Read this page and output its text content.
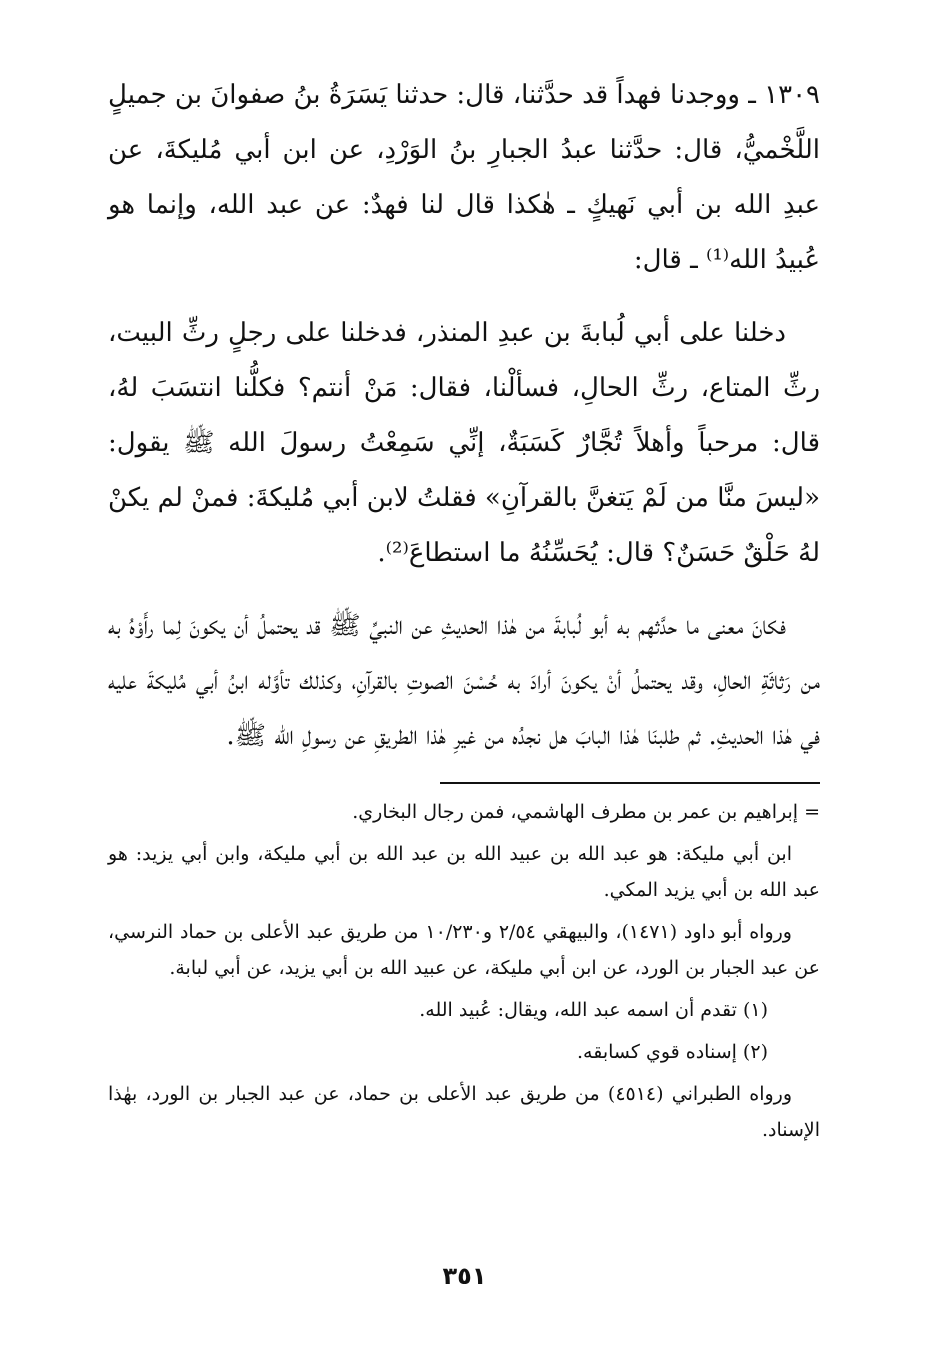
١٣٠٩ ـ ووجدنا فهداً قد حدَّثنا، قال: حدثنا يَسَرَةُ بنُ صفوانَ بن جميلٍ اللَّخْميُّ، قال: حدَّثنا عبدُ الجبارِ بنُ الوَرْدِ، عن ابن أبي مُليكةَ، عن عبدِ الله بن أبي نَهيكٍ ـ هٰكذا قال لنا فهدٌ: عن عبد الله، وإنما هو عُبيدُ الله⁽¹⁾ ـ قال:

دخلنا على أبي لُبابةَ بن عبدِ المنذر، فدخلنا على رجلٍ رثِّ البيت، رثِّ المتاع، رثِّ الحالِ، فسألْنا، فقال: مَنْ أنتم؟ فكلُّنا انتسَبَ لهُ، قال: مرحباً وأهلاً تُجَّارٌ كَسَبَةٌ، إنِّي سَمِعْتُ رسولَ الله ﷺ يقول: «ليسَ منَّا من لَمْ يَتغنَّ بالقرآنِ» فقلتُ لابن أبي مُليكةَ: فمنْ لم يكنْ لهُ حَلْقٌ حَسَنٌ؟ قال: يُحَسِّنُهُ ما استطاعَ⁽²⁾.

فكانَ معنى ما حدَّثهم به أبو لُبابةَ من هٰذا الحديثِ عن النبيِّ ﷺ قد يحتملُ أن يكونَ لِما رأَوْهُ به من رَثاثَةِ الحالِ، وقد يحتملُ أنْ يكونَ أرادَ به حُسْنَ الصوتِ بالقرآنِ، وكذلك تأوَّله ابنُ أبي مُليكةَ عليه في هٰذا الحديثِ. ثم طلبنَا هٰذا البابَ هل نجدُه من غيرِ هٰذا الطريقِ عن رسولِ الله ﷺ.

= إبراهيم بن عمر بن مطرف الهاشمي، فمن رجال البخاري.

ابن أبي مليكة: هو عبد الله بن عبيد الله بن عبد الله بن أبي مليكة، وابن أبي يزيد: هو عبد الله بن أبي يزيد المكي.

ورواه أبو داود (١٤٧١)، والبيهقي ٢/٥٤ و١٠/٢٣٠ من طريق عبد الأعلى بن حماد النرسي، عن عبد الجبار بن الورد، عن ابن أبي مليكة، عن عبيد الله بن أبي يزيد، عن أبي لبابة.

(١) تقدم أن اسمه عبد الله، ويقال: عُبيد الله.

(٢) إسناده قوي كسابقه.

ورواه الطبراني (٤٥١٤) من طريق عبد الأعلى بن حماد، عن عبد الجبار بن الورد، بهٰذا الإسناد.

٣٥١
